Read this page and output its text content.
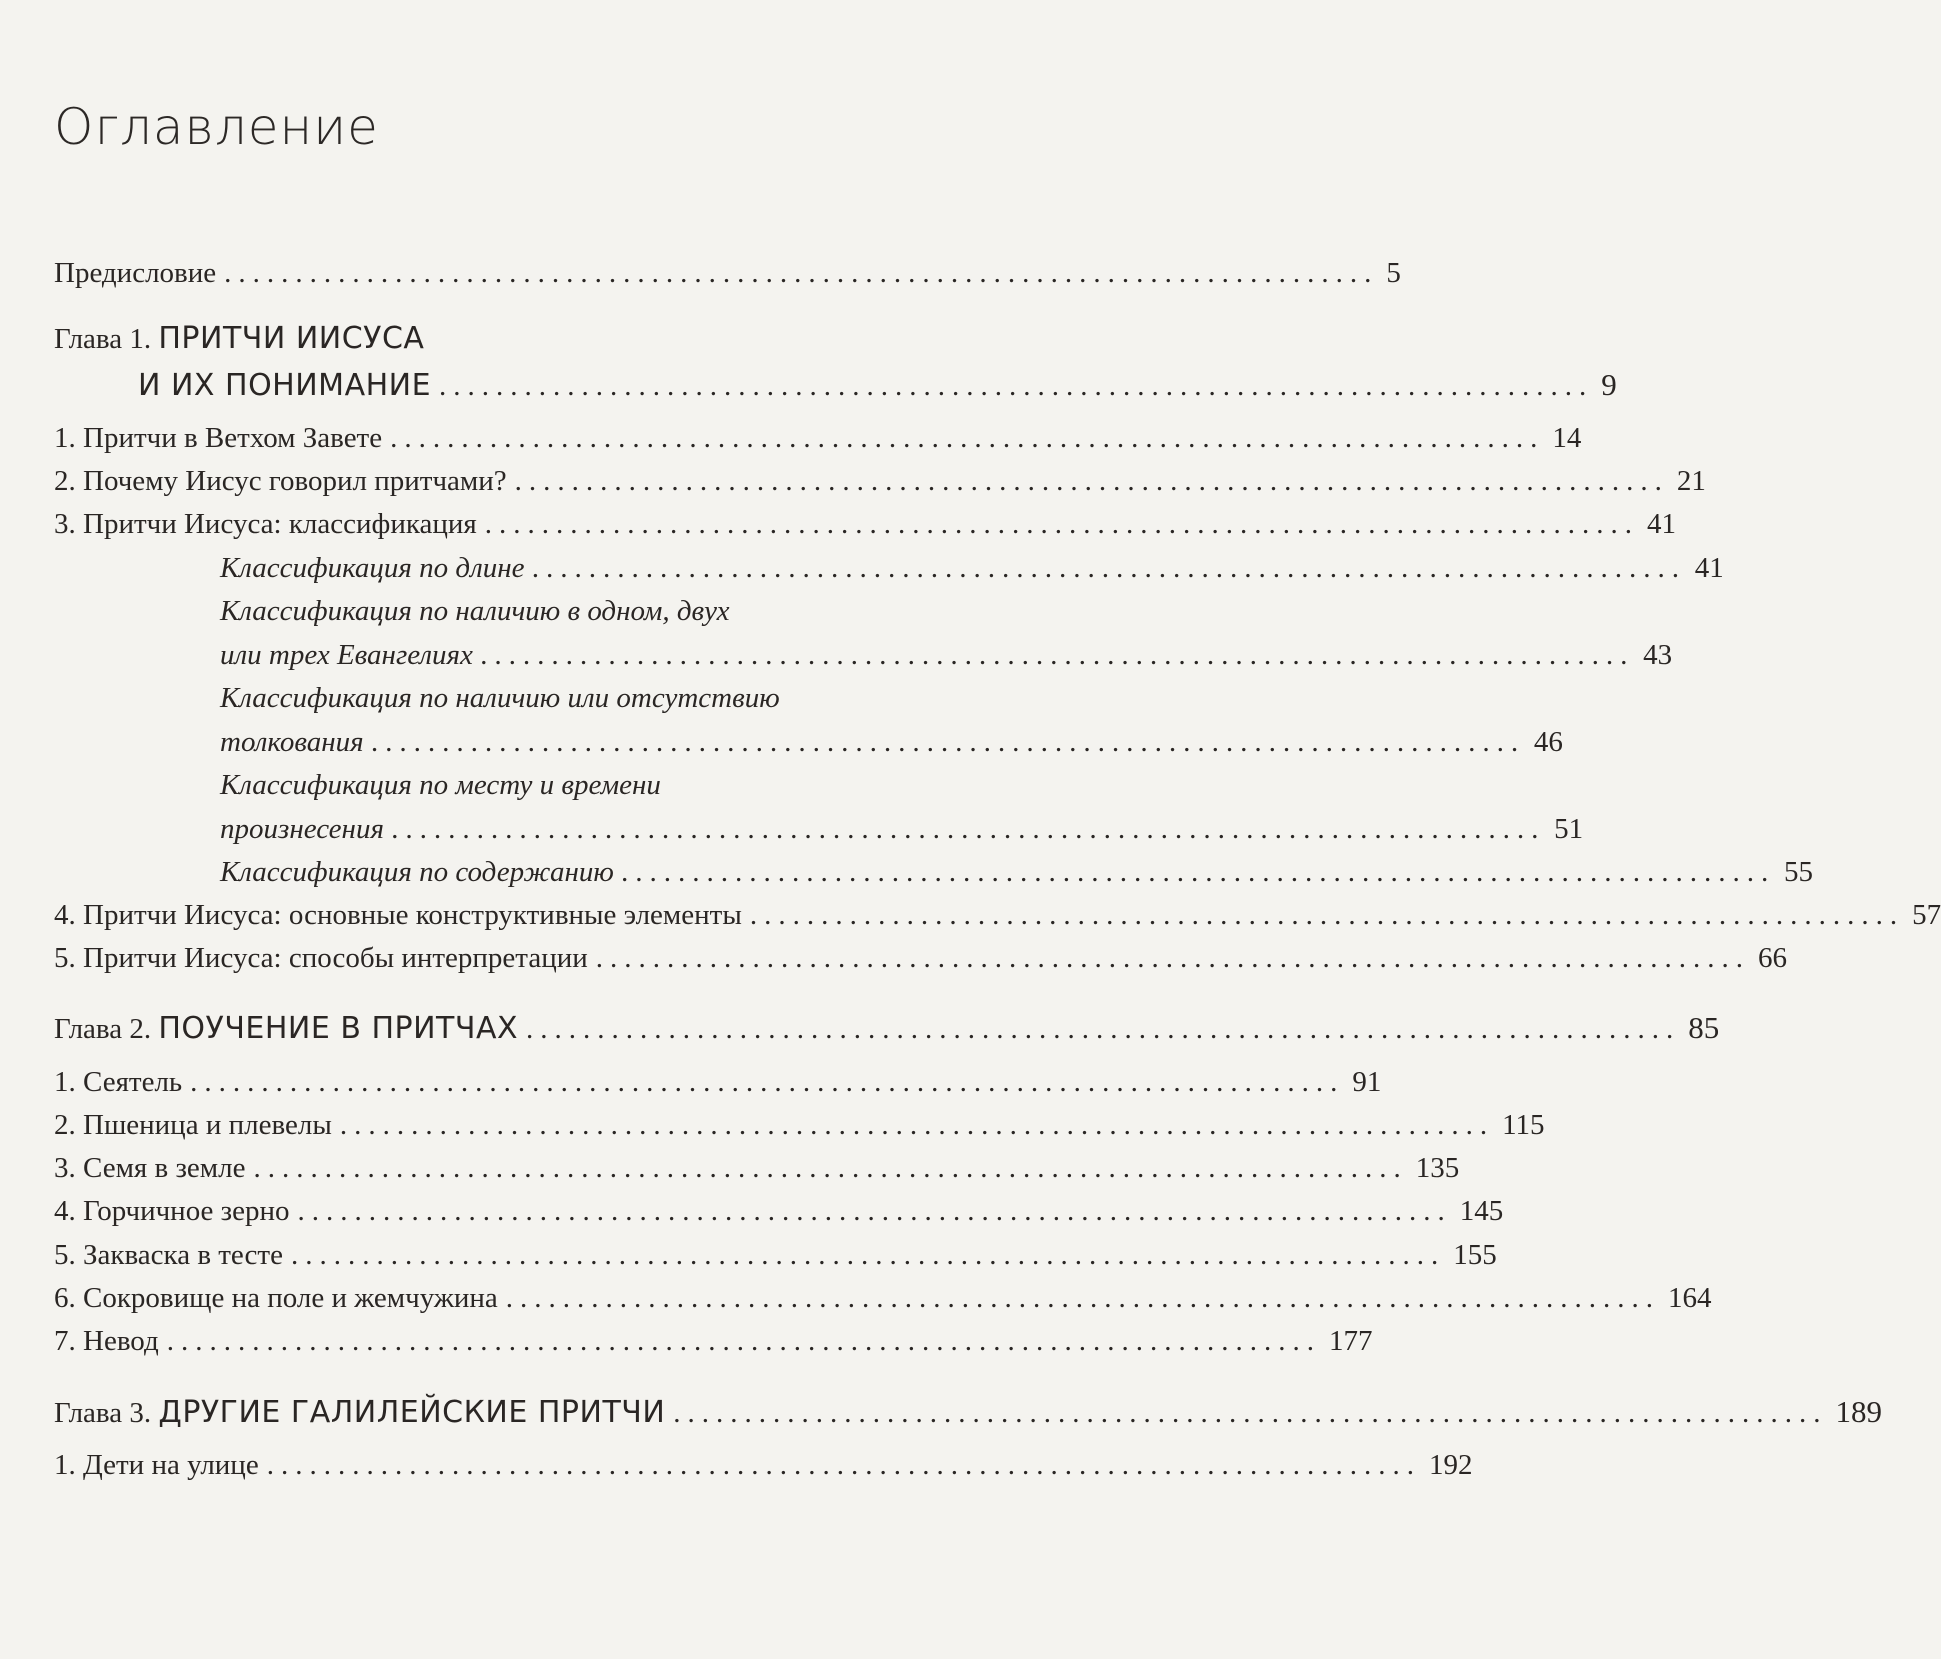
Оглавление
Предисловие ................................................................................. 5
Глава 1. ПРИТЧИ ИИСУСА
И ИХ ПОНИМАНИЕ ................................................................................. 9
1. Притчи в Ветхом Завете ................................................................................. 14
2. Почему Иисус говорил притчами? ................................................................................. 21
3. Притчи Иисуса: классификация ................................................................................. 41
Классификация по длине ................................................................................. 41
Классификация по наличию в одном, двух
или трех Евангелиях ................................................................................. 43
Классификация по наличию или отсутствию
толкования ................................................................................. 46
Классификация по месту и времени
произнесения ................................................................................. 51
Классификация по содержанию ................................................................................. 55
4. Притчи Иисуса: основные конструктивные элементы ................................................................................. 57
5. Притчи Иисуса: способы интерпретации ................................................................................. 66
Глава 2. ПОУЧЕНИЕ В ПРИТЧАХ ................................................................................. 85
1. Сеятель ................................................................................. 91
2. Пшеница и плевелы ................................................................................. 115
3. Семя в земле ................................................................................. 135
4. Горчичное зерно ................................................................................. 145
5. Закваска в тесте ................................................................................. 155
6. Сокровище на поле и жемчужина ................................................................................. 164
7. Невод ................................................................................. 177
Глава 3. ДРУГИЕ ГАЛИЛЕЙСКИЕ ПРИТЧИ ................................................................................. 189
1. Дети на улице ................................................................................. 192
